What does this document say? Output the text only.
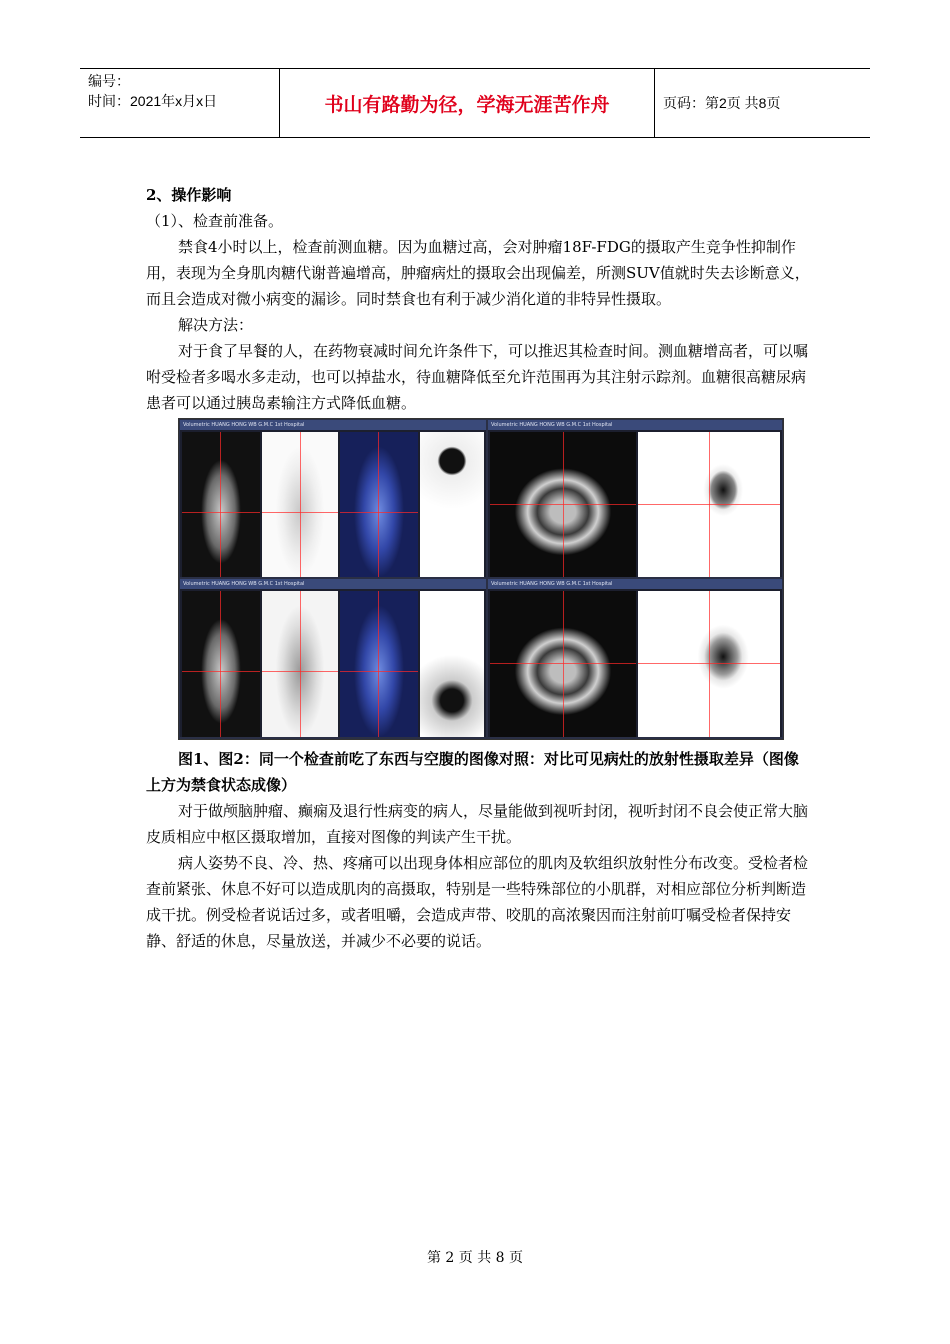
编号：
时间：2021年x月x日	书山有路勤为径，学海无涯苦作舟	页码：第2页 共8页

2、操作影响

（1）、检查前准备。

禁食4小时以上，检查前测血糖。因为血糖过高，会对肿瘤18F-FDG的摄取产生竞争性抑制作用，表现为全身肌肉糖代谢普遍增高，肿瘤病灶的摄取会出现偏差，所测SUV值就时失去诊断意义，而且会造成对微小病变的漏诊。同时禁食也有利于减少消化道的非特异性摄取。

解决方法：

对于食了早餐的人，在药物衰减时间允许条件下，可以推迟其检查时间。测血糖增高者，可以嘱咐受检者多喝水多走动，也可以掉盐水，待血糖降低至允许范围再为其注射示踪剂。血糖很高糖尿病患者可以通过胰岛素输注方式降低血糖。

Volumetric HUANG HONG WB G.M.C 1st Hospital	Volumetric HUANG HONG WB G.M.C 1st Hospital
Volumetric HUANG HONG WB G.M.C 1st Hospital	Volumetric HUANG HONG WB G.M.C 1st Hospital

图1、图2：同一个检查前吃了东西与空腹的图像对照：对比可见病灶的放射性摄取差异（图像上方为禁食状态成像）

对于做颅脑肿瘤、癫痫及退行性病变的病人，尽量能做到视听封闭，视听封闭不良会使正常大脑皮质相应中枢区摄取增加，直接对图像的判读产生干扰。

病人姿势不良、冷、热、疼痛可以出现身体相应部位的肌肉及软组织放射性分布改变。受检者检查前紧张、休息不好可以造成肌肉的高摄取，特别是一些特殊部位的小肌群，对相应部位分析判断造成干扰。例受检者说话过多，或者咀嚼，会造成声带、咬肌的高浓聚因而注射前叮嘱受检者保持安静、舒适的休息，尽量放送，并减少不必要的说话。

第 2 页 共 8 页
